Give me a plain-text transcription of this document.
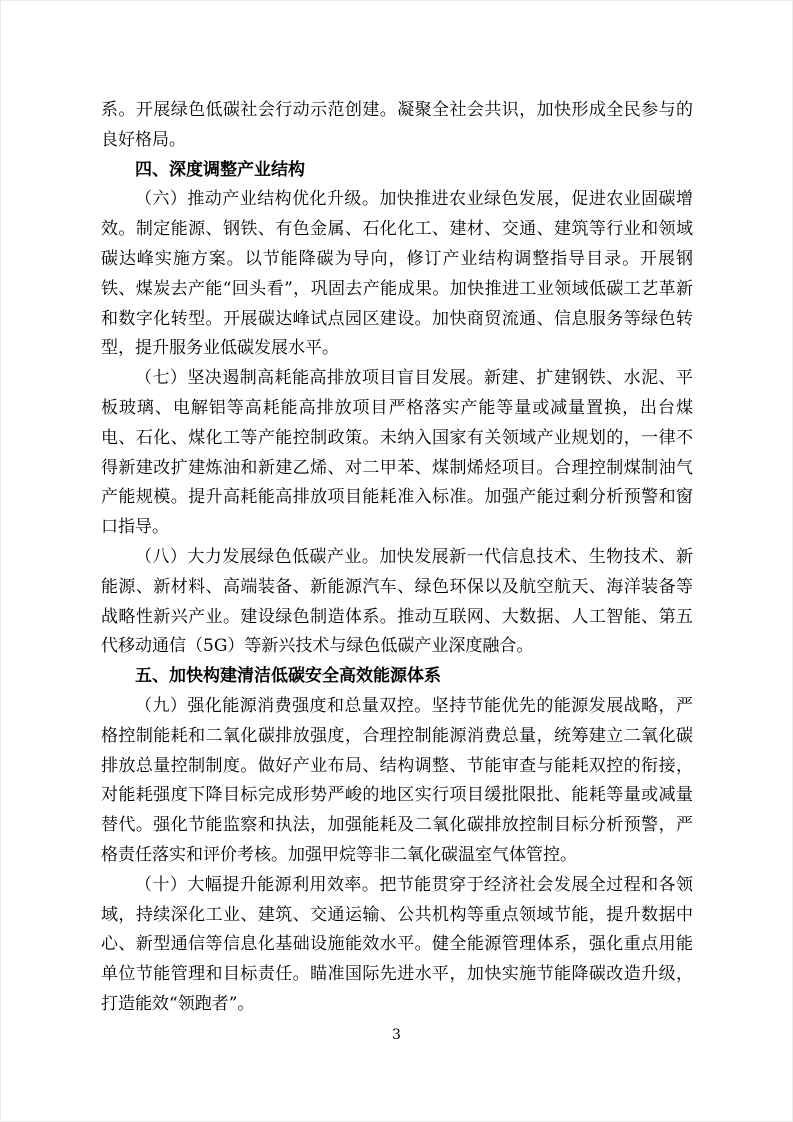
系。开展绿色低碳社会行动示范创建。凝聚全社会共识，加快形成全民参与的良好格局。

四、深度调整产业结构

（六）推动产业结构优化升级。加快推进农业绿色发展，促进农业固碳增效。制定能源、钢铁、有色金属、石化化工、建材、交通、建筑等行业和领域碳达峰实施方案。以节能降碳为导向，修订产业结构调整指导目录。开展钢铁、煤炭去产能“回头看”，巩固去产能成果。加快推进工业领域低碳工艺革新和数字化转型。开展碳达峰试点园区建设。加快商贸流通、信息服务等绿色转型，提升服务业低碳发展水平。

（七）坚决遏制高耗能高排放项目盲目发展。新建、扩建钢铁、水泥、平板玻璃、电解铝等高耗能高排放项目严格落实产能等量或减量置换，出台煤电、石化、煤化工等产能控制政策。未纳入国家有关领域产业规划的，一律不得新建改扩建炼油和新建乙烯、对二甲苯、煤制烯烃项目。合理控制煤制油气产能规模。提升高耗能高排放项目能耗准入标准。加强产能过剩分析预警和窗口指导。

（八）大力发展绿色低碳产业。加快发展新一代信息技术、生物技术、新能源、新材料、高端装备、新能源汽车、绿色环保以及航空航天、海洋装备等战略性新兴产业。建设绿色制造体系。推动互联网、大数据、人工智能、第五代移动通信（5G）等新兴技术与绿色低碳产业深度融合。

五、加快构建清洁低碳安全高效能源体系

（九）强化能源消费强度和总量双控。坚持节能优先的能源发展战略，严格控制能耗和二氧化碳排放强度，合理控制能源消费总量，统筹建立二氧化碳排放总量控制制度。做好产业布局、结构调整、节能审查与能耗双控的衔接，对能耗强度下降目标完成形势严峻的地区实行项目缓批限批、能耗等量或减量替代。强化节能监察和执法，加强能耗及二氧化碳排放控制目标分析预警，严格责任落实和评价考核。加强甲烷等非二氧化碳温室气体管控。

（十）大幅提升能源利用效率。把节能贯穿于经济社会发展全过程和各领域，持续深化工业、建筑、交通运输、公共机构等重点领域节能，提升数据中心、新型通信等信息化基础设施能效水平。健全能源管理体系，强化重点用能单位节能管理和目标责任。瞄准国际先进水平，加快实施节能降碳改造升级，打造能效“领跑者”。

3
